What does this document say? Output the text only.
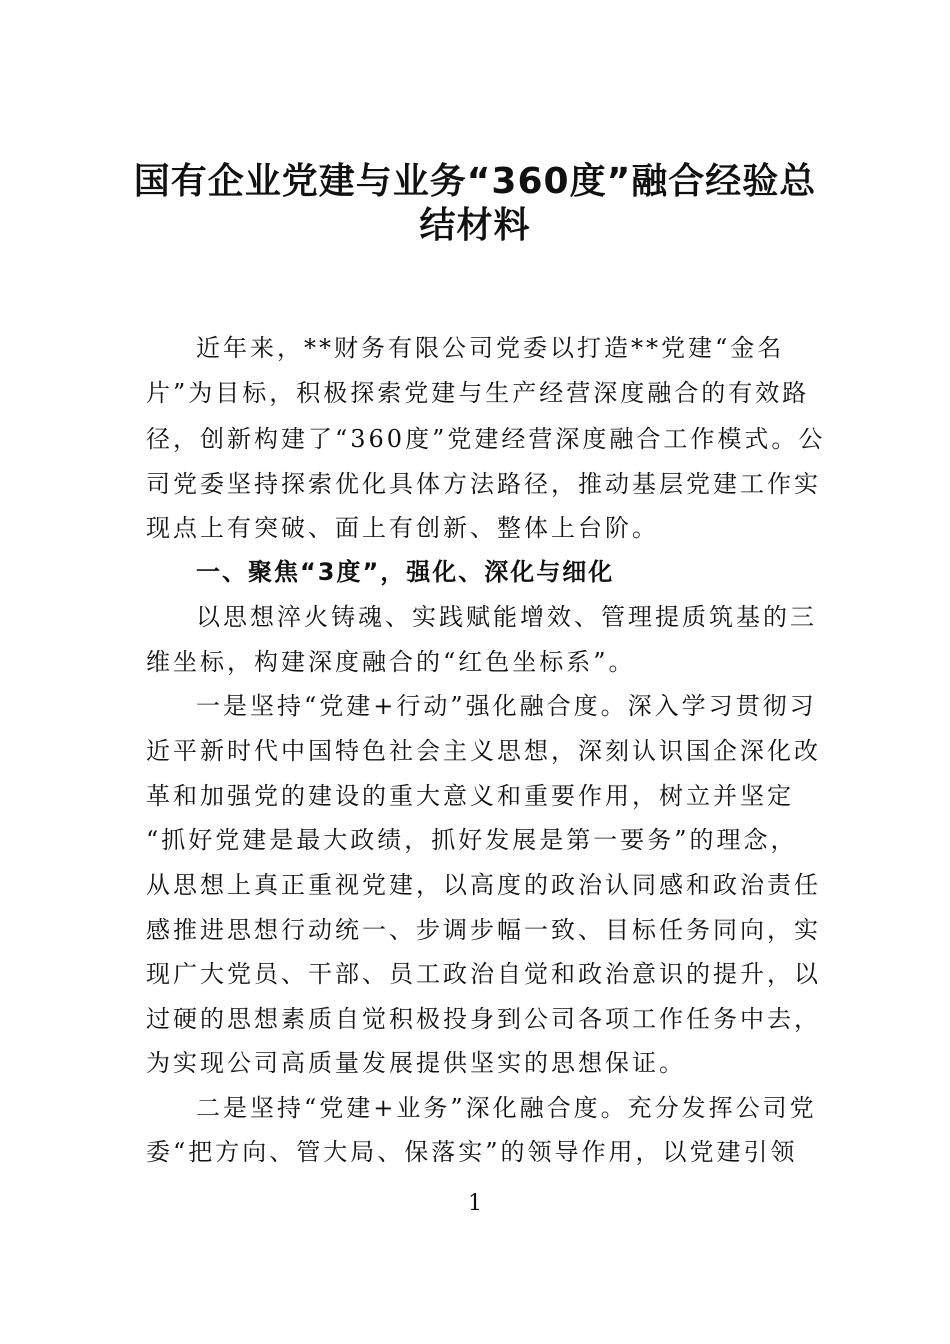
国有企业党建与业务“360度”融合经验总
结材料
近年来，**财务有限公司党委以打造**党建“金名
片”为目标，积极探索党建与生产经营深度融合的有效路
径，创新构建了“360度”党建经营深度融合工作模式。公
司党委坚持探索优化具体方法路径，推动基层党建工作实
现点上有突破、面上有创新、整体上台阶。
一、聚焦“3度”，强化、深化与细化
以思想淬火铸魂、实践赋能增效、管理提质筑基的三
维坐标，构建深度融合的“红色坐标系”。
一是坚持“党建+行动”强化融合度。深入学习贯彻习
近平新时代中国特色社会主义思想，深刻认识国企深化改
革和加强党的建设的重大意义和重要作用，树立并坚定
“抓好党建是最大政绩，抓好发展是第一要务”的理念，
从思想上真正重视党建，以高度的政治认同感和政治责任
感推进思想行动统一、步调步幅一致、目标任务同向，实
现广大党员、干部、员工政治自觉和政治意识的提升，以
过硬的思想素质自觉积极投身到公司各项工作任务中去，
为实现公司高质量发展提供坚实的思想保证。
二是坚持“党建+业务”深化融合度。充分发挥公司党
委“把方向、管大局、保落实”的领导作用，以党建引领
1
